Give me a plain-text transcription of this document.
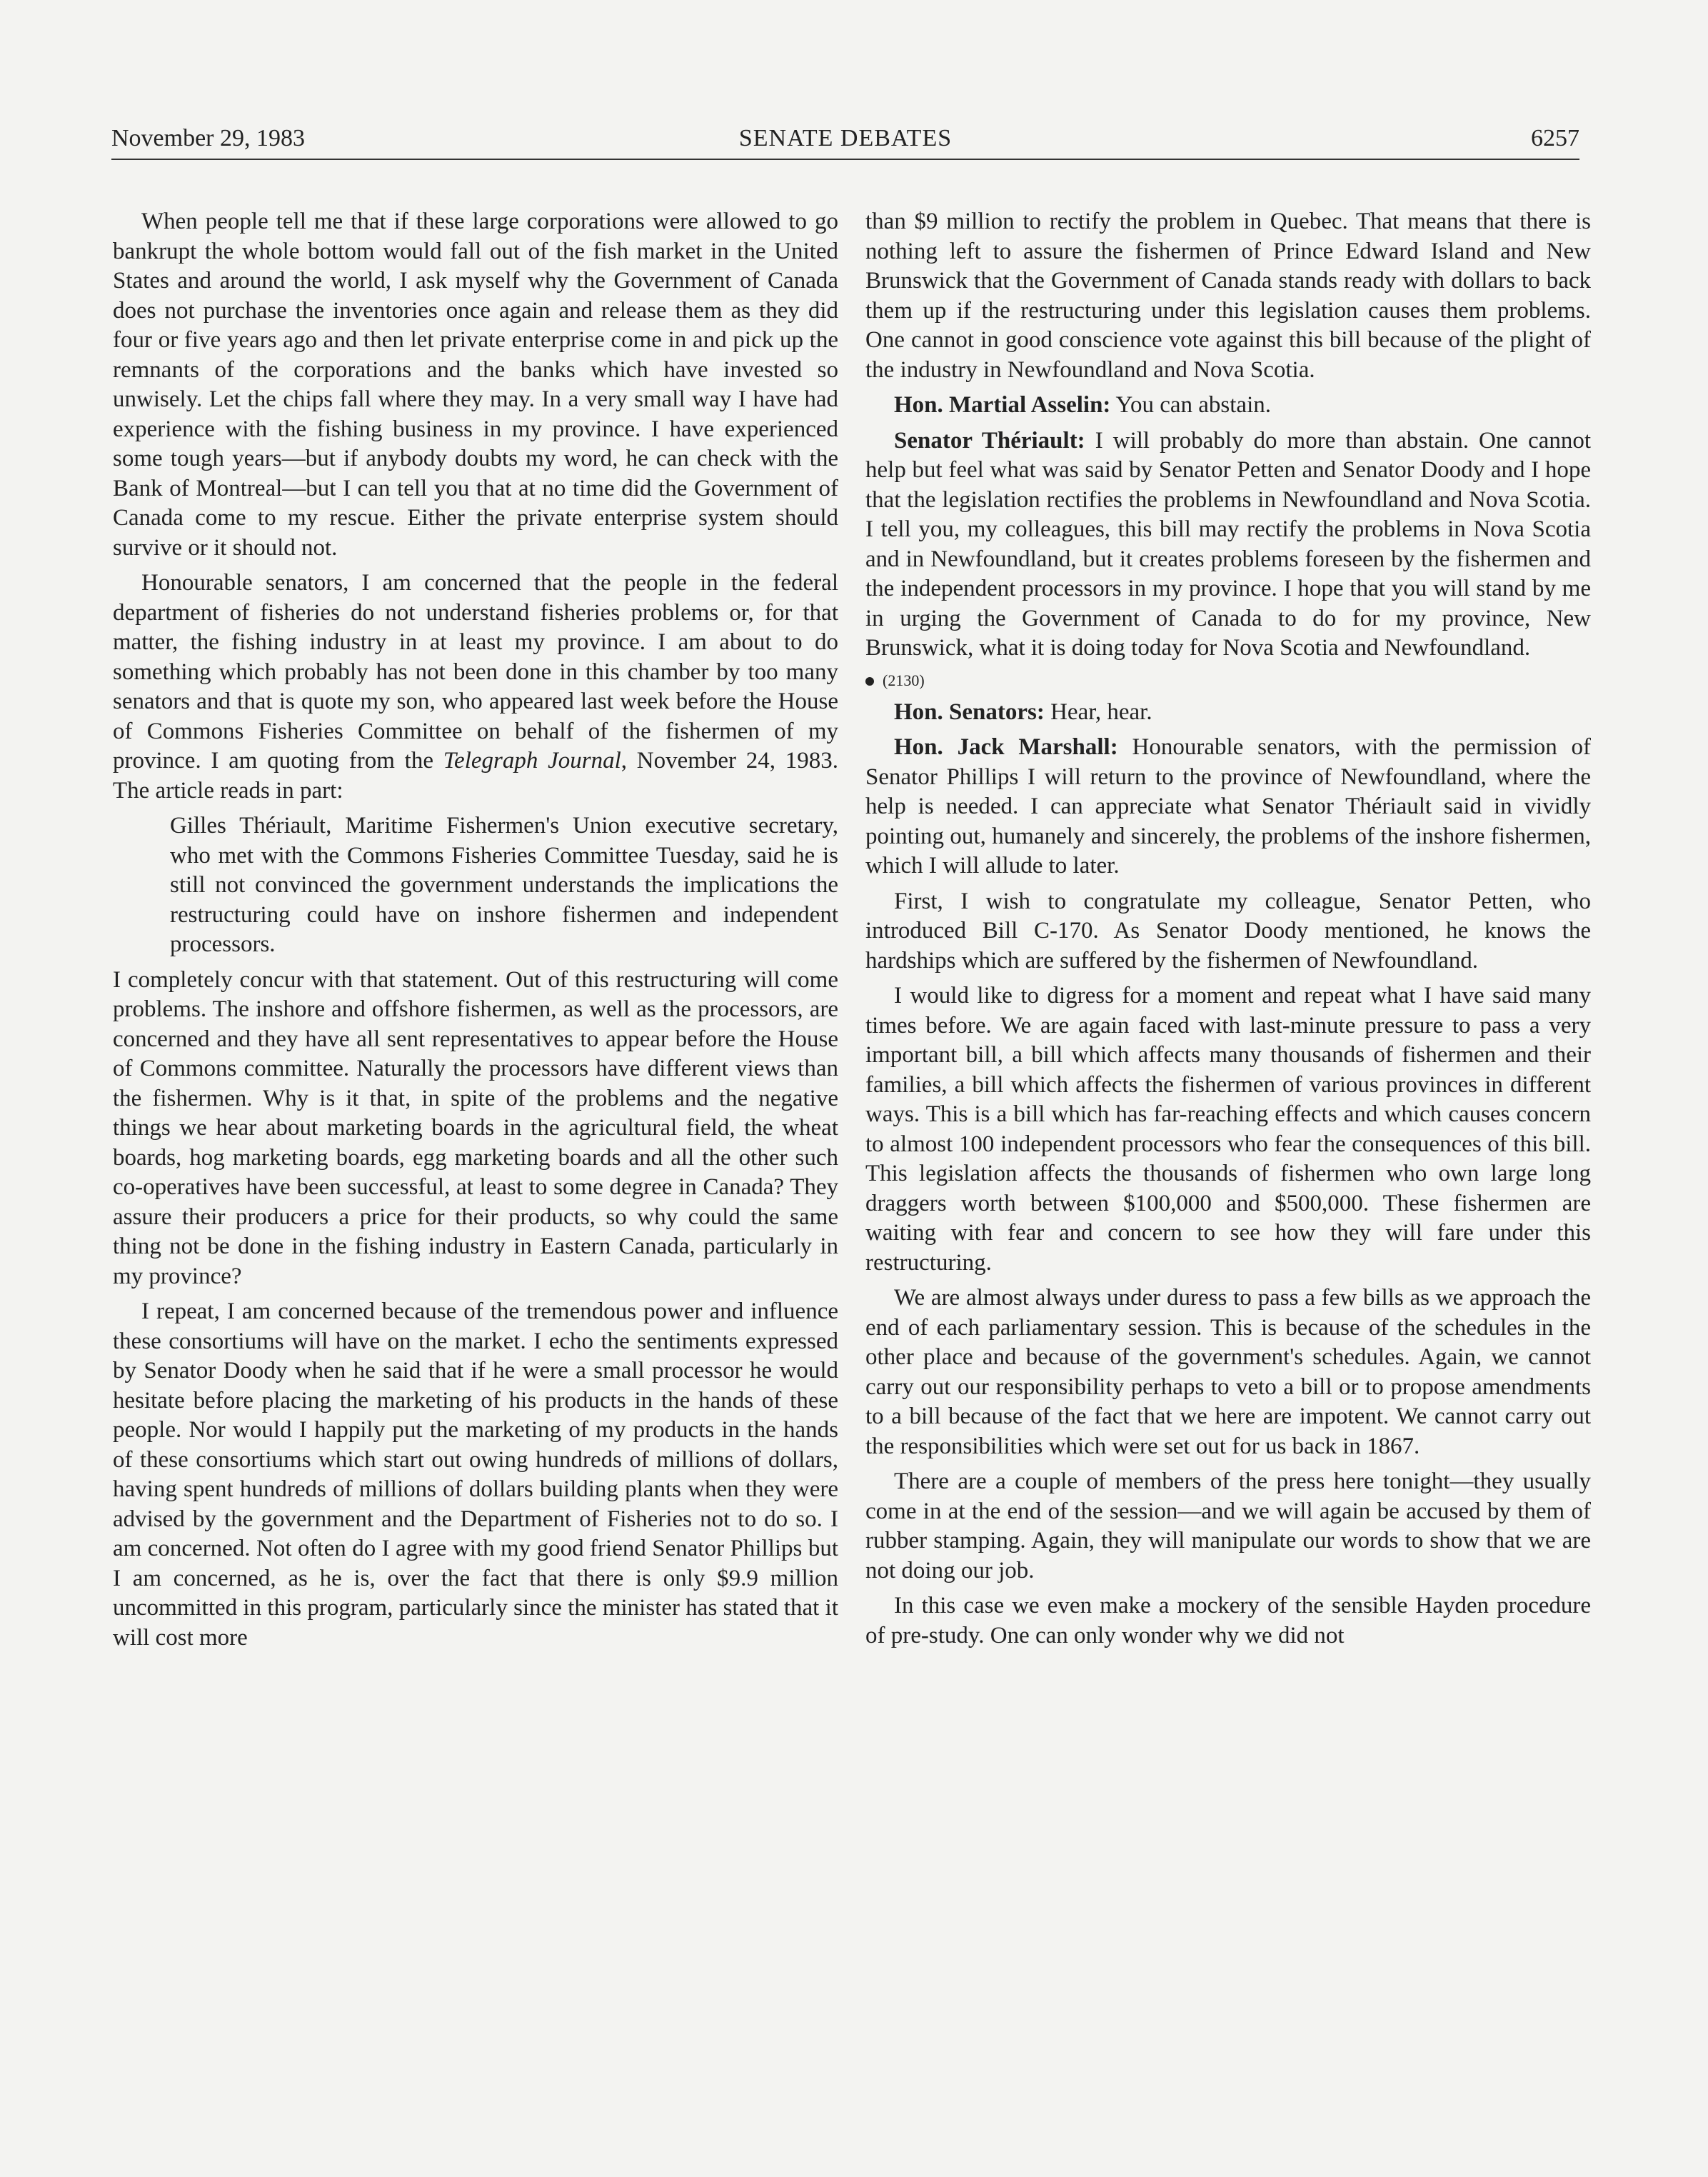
November 29, 1983	SENATE DEBATES	6257

When people tell me that if these large corporations were allowed to go bankrupt the whole bottom would fall out of the fish market in the United States and around the world, I ask myself why the Government of Canada does not purchase the inventories once again and release them as they did four or five years ago and then let private enterprise come in and pick up the remnants of the corporations and the banks which have invested so unwisely. Let the chips fall where they may. In a very small way I have had experience with the fishing business in my province. I have experienced some tough years—but if anybody doubts my word, he can check with the Bank of Montreal—but I can tell you that at no time did the Government of Canada come to my rescue. Either the private enterprise system should survive or it should not.

Honourable senators, I am concerned that the people in the federal department of fisheries do not understand fisheries problems or, for that matter, the fishing industry in at least my province. I am about to do something which probably has not been done in this chamber by too many senators and that is quote my son, who appeared last week before the House of Commons Fisheries Committee on behalf of the fishermen of my province. I am quoting from the Telegraph Journal, November 24, 1983. The article reads in part:

Gilles Thériault, Maritime Fishermen's Union executive secretary, who met with the Commons Fisheries Committee Tuesday, said he is still not convinced the government understands the implications the restructuring could have on inshore fishermen and independent processors.

I completely concur with that statement. Out of this restructuring will come problems. The inshore and offshore fishermen, as well as the processors, are concerned and they have all sent representatives to appear before the House of Commons committee. Naturally the processors have different views than the fishermen. Why is it that, in spite of the problems and the negative things we hear about marketing boards in the agricultural field, the wheat boards, hog marketing boards, egg marketing boards and all the other such co-operatives have been successful, at least to some degree in Canada? They assure their producers a price for their products, so why could the same thing not be done in the fishing industry in Eastern Canada, particularly in my province?

I repeat, I am concerned because of the tremendous power and influence these consortiums will have on the market. I echo the sentiments expressed by Senator Doody when he said that if he were a small processor he would hesitate before placing the marketing of his products in the hands of these people. Nor would I happily put the marketing of my products in the hands of these consortiums which start out owing hundreds of millions of dollars, having spent hundreds of millions of dollars building plants when they were advised by the government and the Department of Fisheries not to do so. I am concerned. Not often do I agree with my good friend Senator Phillips but I am concerned, as he is, over the fact that there is only $9.9 million uncommitted in this program, particularly since the minister has stated that it will cost more

than $9 million to rectify the problem in Quebec. That means that there is nothing left to assure the fishermen of Prince Edward Island and New Brunswick that the Government of Canada stands ready with dollars to back them up if the restructuring under this legislation causes them problems. One cannot in good conscience vote against this bill because of the plight of the industry in Newfoundland and Nova Scotia.

Hon. Martial Asselin: You can abstain.

Senator Thériault: I will probably do more than abstain. One cannot help but feel what was said by Senator Petten and Senator Doody and I hope that the legislation rectifies the problems in Newfoundland and Nova Scotia. I tell you, my colleagues, this bill may rectify the problems in Nova Scotia and in Newfoundland, but it creates problems foreseen by the fishermen and the independent processors in my province. I hope that you will stand by me in urging the Government of Canada to do for my province, New Brunswick, what it is doing today for Nova Scotia and Newfoundland.

(2130)

Hon. Senators: Hear, hear.

Hon. Jack Marshall: Honourable senators, with the permission of Senator Phillips I will return to the province of Newfoundland, where the help is needed. I can appreciate what Senator Thériault said in vividly pointing out, humanely and sincerely, the problems of the inshore fishermen, which I will allude to later.

First, I wish to congratulate my colleague, Senator Petten, who introduced Bill C-170. As Senator Doody mentioned, he knows the hardships which are suffered by the fishermen of Newfoundland.

I would like to digress for a moment and repeat what I have said many times before. We are again faced with last-minute pressure to pass a very important bill, a bill which affects many thousands of fishermen and their families, a bill which affects the fishermen of various provinces in different ways. This is a bill which has far-reaching effects and which causes concern to almost 100 independent processors who fear the consequences of this bill. This legislation affects the thousands of fishermen who own large long draggers worth between $100,000 and $500,000. These fishermen are waiting with fear and concern to see how they will fare under this restructuring.

We are almost always under duress to pass a few bills as we approach the end of each parliamentary session. This is because of the schedules in the other place and because of the government's schedules. Again, we cannot carry out our responsibility perhaps to veto a bill or to propose amendments to a bill because of the fact that we here are impotent. We cannot carry out the responsibilities which were set out for us back in 1867.

There are a couple of members of the press here tonight—they usually come in at the end of the session—and we will again be accused by them of rubber stamping. Again, they will manipulate our words to show that we are not doing our job.

In this case we even make a mockery of the sensible Hayden procedure of pre-study. One can only wonder why we did not
